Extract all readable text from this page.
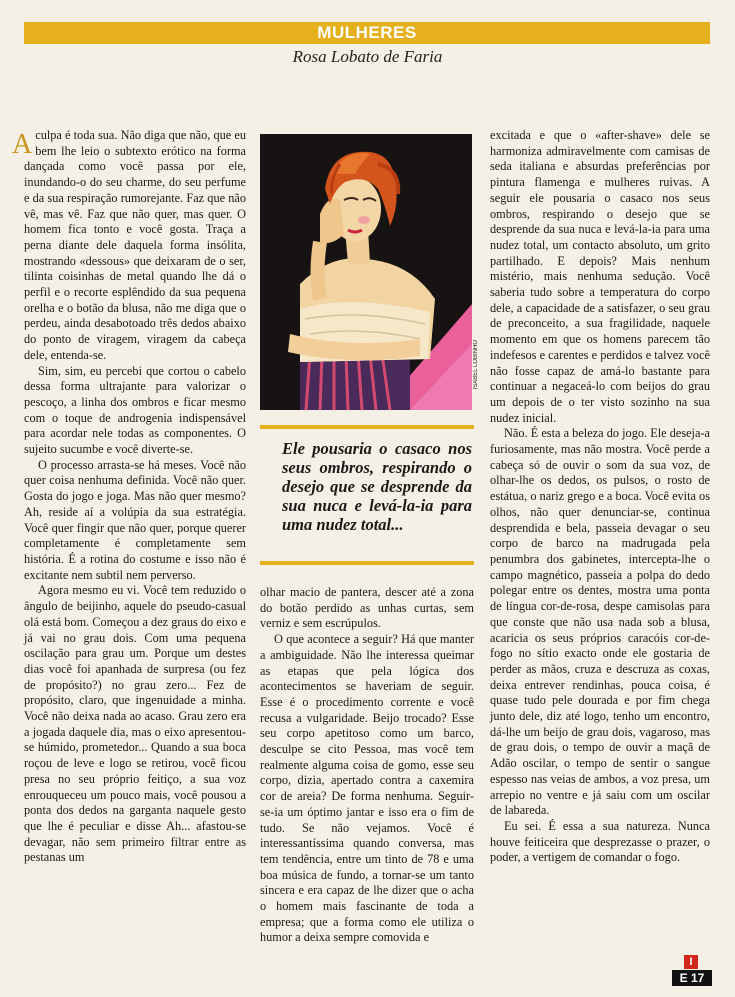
MULHERES
Rosa Lobato de Faria

Aculpa é toda sua. Não diga que não, que eu bem lhe leio o subtexto erótico na forma dançada como você passa por ele, inundando-o do seu charme, do seu perfume e da sua respiração rumorejante. Faz que não vê, mas vê. Faz que não quer, mas quer. O homem fica tonto e você gosta. Traça a perna diante dele daquela forma insólita, mostrando «dessous» que deixaram de o ser, tilinta coisinhas de metal quando lhe dá o perfil e o recorte esplêndido da sua pequena orelha e o botão da blusa, não me diga que o perdeu, ainda desabotoado três dedos abaixo do ponto de viragem, viragem da cabeça dele, entenda-se.

Sim, sim, eu percebi que cortou o cabelo dessa forma ultrajante para valorizar o pescoço, a linha dos ombros e ficar mesmo com o toque de androgenia indispensável para acordar nele todas as componentes. O sujeito sucumbe e você diverte-se.

O processo arrasta-se há meses. Você não quer coisa nenhuma definida. Você não quer. Gosta do jogo e joga. Mas não quer mesmo? Ah, reside aí a volúpia da sua estratégia. Você quer fingir que não quer, porque querer completamente é completamente sem história. É a rotina do costume e isso não é excitante nem subtil nem perverso.

Agora mesmo eu vi. Você tem reduzido o ângulo de beijinho, aquele do pseudo-casual olá está bom. Começou a dez graus do eixo e já vai no grau dois. Com uma pequena oscilação para grau um. Porque um destes dias você foi apanhada de surpresa (ou fez de propósito?) no grau zero... Fez de propósito, claro, que ingenuidade a minha. Você não deixa nada ao acaso. Grau zero era a jogada daquele dia, mas o eixo apresentou-se húmido, prometedor... Quando a sua boca roçou de leve e logo se retirou, você ficou presa no seu próprio feitiço, a sua voz enrouqueceu um pouco mais, você pousou a ponta dos dedos na garganta naquele gesto que lhe é peculiar e disse Ah... afastou-se devagar, não sem primeiro filtrar entre as pestanas um

ISABEL LOBINHO
Ele pousaria o casaco nos seus ombros, respirando o desejo que se desprende da sua nuca e levá-la-ia para uma nudez total...

olhar macio de pantera, descer até a zona do botão perdido as unhas curtas, sem verniz e sem escrúpulos.

O que acontece a seguir? Há que manter a ambiguidade. Não lhe interessa queimar as etapas que pela lógica dos acontecimentos se haveriam de seguir. Esse é o procedimento corrente e você recusa a vulgaridade. Beijo trocado? Esse seu corpo apetitoso como um barco, desculpe se cito Pessoa, mas você tem realmente alguma coisa de gomo, esse seu corpo, dizia, apertado contra a caxemira cor de areia? De forma nenhuma. Seguir-se-ia um óptimo jantar e isso era o fim de tudo. Se não vejamos. Você é interessantíssima quando conversa, mas tem tendência, entre um tinto de 78 e uma boa música de fundo, a tornar-se um tanto sincera e era capaz de lhe dizer que o acha o homem mais fascinante de toda a empresa; que a forma como ele utiliza o humor a deixa sempre comovida e

excitada e que o «after-shave» dele se harmoniza admiravelmente com camisas de seda italiana e absurdas preferências por pintura flamenga e mulheres ruivas. A seguir ele pousaria o casaco nos seus ombros, respirando o desejo que se desprende da sua nuca e levá-la-ia para uma nudez total, um contacto absoluto, um grito partilhado. E depois? Mais nenhum mistério, mais nenhuma sedução. Você saberia tudo sobre a temperatura do corpo dele, a capacidade de a satisfazer, o seu grau de preconceito, a sua fragilidade, naquele momento em que os homens parecem tão indefesos e carentes e perdidos e talvez você não fosse capaz de amá-lo bastante para continuar a negaceá-lo com beijos do grau um depois de o ter visto sozinho na sua nudez inicial.

Não. É esta a beleza do jogo. Ele deseja-a furiosamente, mas não mostra. Você perde a cabeça só de ouvir o som da sua voz, de olhar-lhe os dedos, os pulsos, o rosto de estátua, o nariz grego e a boca. Você evita os olhos, não quer denunciar-se, continua desprendida e bela, passeia devagar o seu corpo de barco na madrugada pela penumbra dos gabinetes, intercepta-lhe o campo magnético, passeia a polpa do dedo polegar entre os dentes, mostra uma ponta de língua cor-de-rosa, despe camisolas para que conste que não usa nada sob a blusa, acaricia os seus próprios caracóis cor-de-fogo no sítio exacto onde ele gostaria de perder as mãos, cruza e descruza as coxas, deixa entrever rendinhas, pouca coisa, é quase tudo pele dourada e por fim chega junto dele, diz até logo, tenho um encontro, dá-lhe um beijo de grau dois, vagaroso, mas de grau dois, o tempo de ouvir a maçã de Adão oscilar, o tempo de sentir o sangue espesso nas veias de ambos, a voz presa, um arrepio no ventre e já saiu com um oscilar de labareda.

Eu sei. É essa a sua natureza. Nunca houve feiticeira que desprezasse o prazer, o poder, a vertigem de comandar o fogo.

I
E 17
